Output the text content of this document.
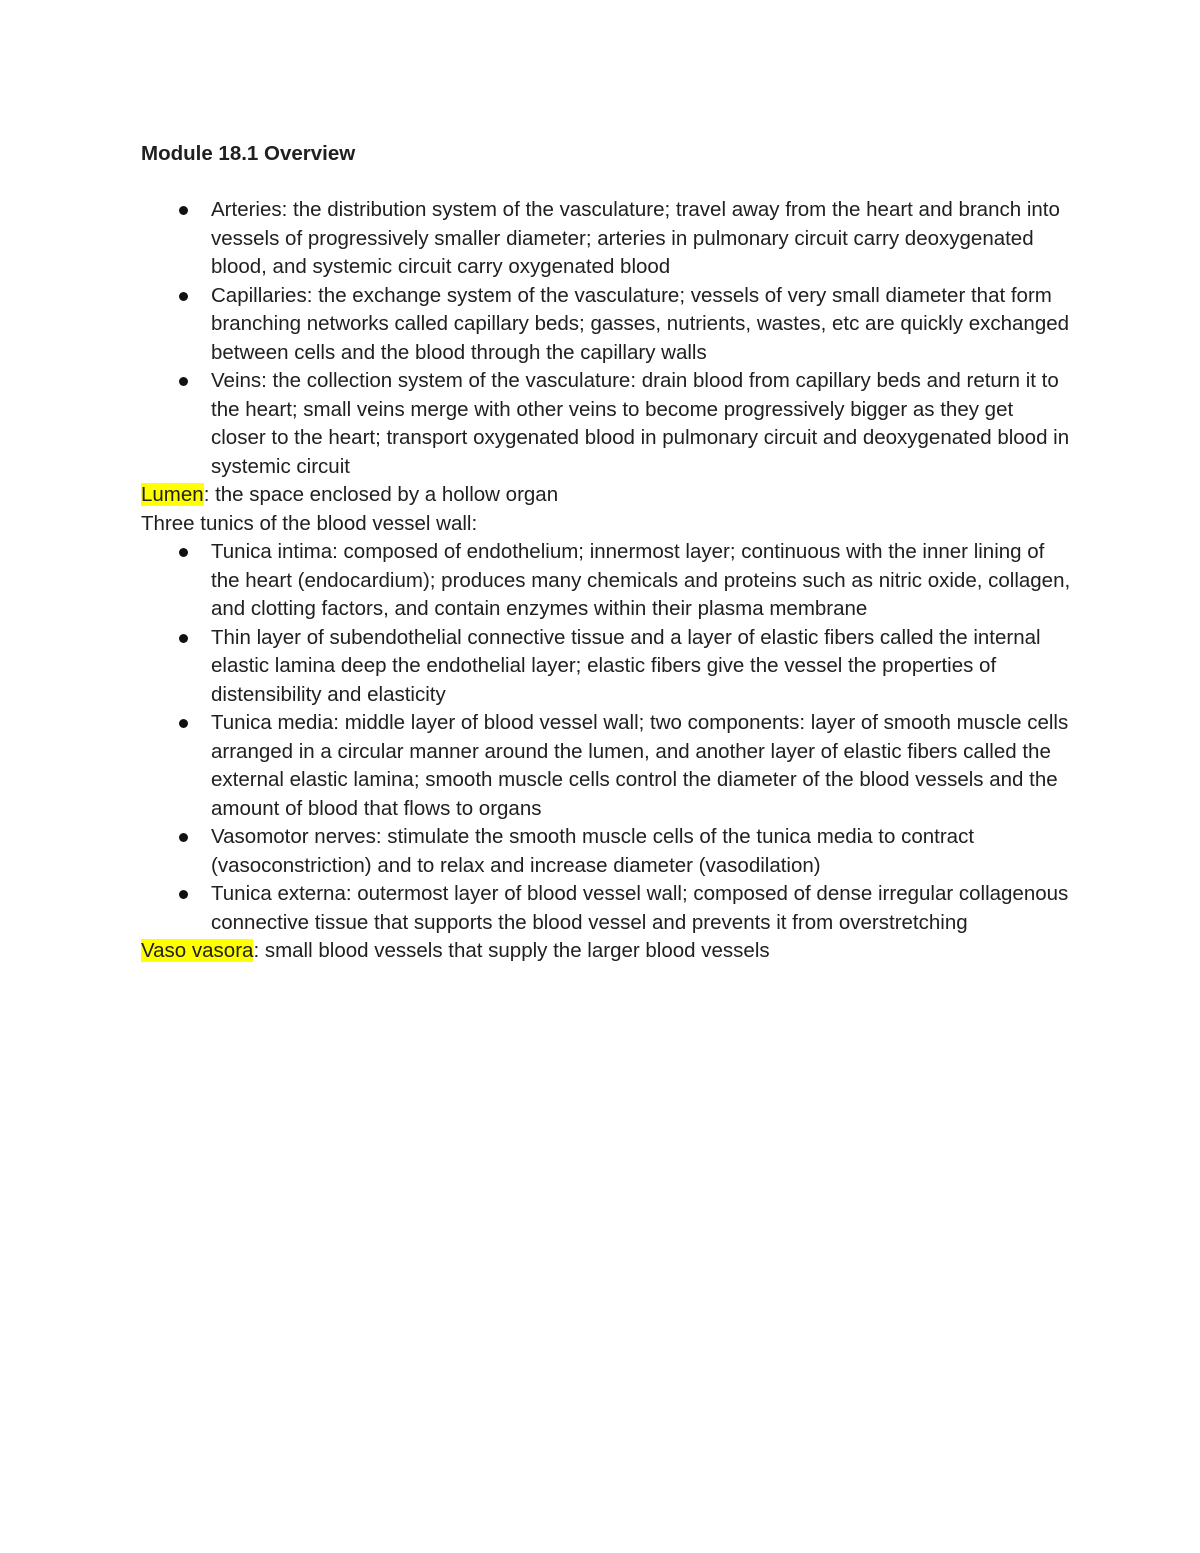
Module 18.1 Overview

Arteries: the distribution system of the vasculature; travel away from the heart and branch into vessels of progressively smaller diameter; arteries in pulmonary circuit carry deoxygenated blood, and systemic circuit carry oxygenated blood
Capillaries: the exchange system of the vasculature; vessels of very small diameter that form branching networks called capillary beds; gasses, nutrients, wastes, etc are quickly exchanged between cells and the blood through the capillary walls
Veins: the collection system of the vasculature: drain blood from capillary beds and return it to the heart; small veins merge with other veins to become progressively bigger as they get closer to the heart; transport oxygenated blood in pulmonary circuit and deoxygenated blood in systemic circuit

Lumen: the space enclosed by a hollow organ

Three tunics of the blood vessel wall:

Tunica intima: composed of endothelium; innermost layer; continuous with the inner lining of the heart (endocardium); produces many chemicals and proteins such as nitric oxide, collagen, and clotting factors, and contain enzymes within their plasma membrane
Thin layer of subendothelial connective tissue and a layer of elastic fibers called the internal elastic lamina deep the endothelial layer; elastic fibers give the vessel the properties of distensibility and elasticity
Tunica media: middle layer of blood vessel wall; two components: layer of smooth muscle cells arranged in a circular manner around the lumen, and another layer of elastic fibers called the external elastic lamina; smooth muscle cells control the diameter of the blood vessels and the amount of blood that flows to organs
Vasomotor nerves: stimulate the smooth muscle cells of the tunica media to contract (vasoconstriction) and to relax and increase diameter (vasodilation)
Tunica externa: outermost layer of blood vessel wall; composed of dense irregular collagenous connective tissue that supports the blood vessel and prevents it from overstretching

Vaso vasora: small blood vessels that supply the larger blood vessels
